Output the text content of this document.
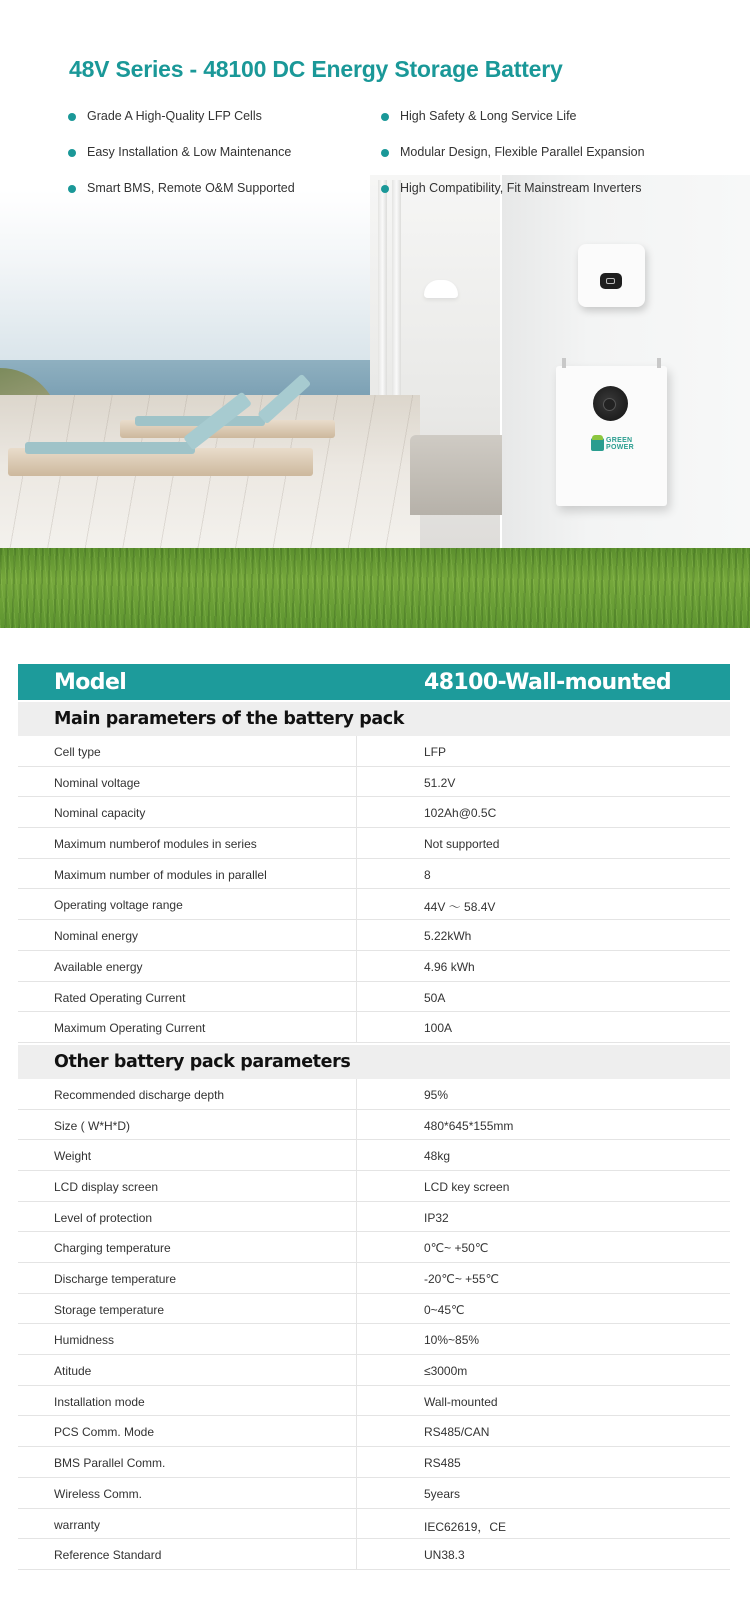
48V Series - 48100 DC Energy Storage Battery
Grade A High-Quality LFP Cells
Easy Installation & Low Maintenance
Smart BMS, Remote O&M Supported
High Safety & Long Service Life
Modular Design, Flexible Parallel Expansion
High Compatibility, Fit Mainstream Inverters
GREEN POWER
Model	48100-Wall-mounted
Main parameters of the battery pack
Cell type	LFP
Nominal voltage	51.2V
Nominal capacity	102Ah@0.5C
Maximum numberof modules in series	Not supported
Maximum number of modules in parallel	8
Operating voltage range	44V ～ 58.4V
Nominal energy	5.22kWh
Available energy	4.96 kWh
Rated Operating Current	50A
Maximum Operating Current	100A
Other battery pack parameters
Recommended discharge depth	95%
Size ( W*H*D)	480*645*155mm
Weight	48kg
LCD display screen	LCD key screen
Level of protection	IP32
Charging temperature	0℃~ +50℃
Discharge temperature	-20℃~ +55℃
Storage temperature	0~45℃
Humidness	10%~85%
Atitude	≤3000m
Installation mode	Wall-mounted
PCS Comm. Mode	RS485/CAN
BMS Parallel Comm.	RS485
Wireless Comm.	5years
warranty	IEC62619，CE
Reference Standard	UN38.3
